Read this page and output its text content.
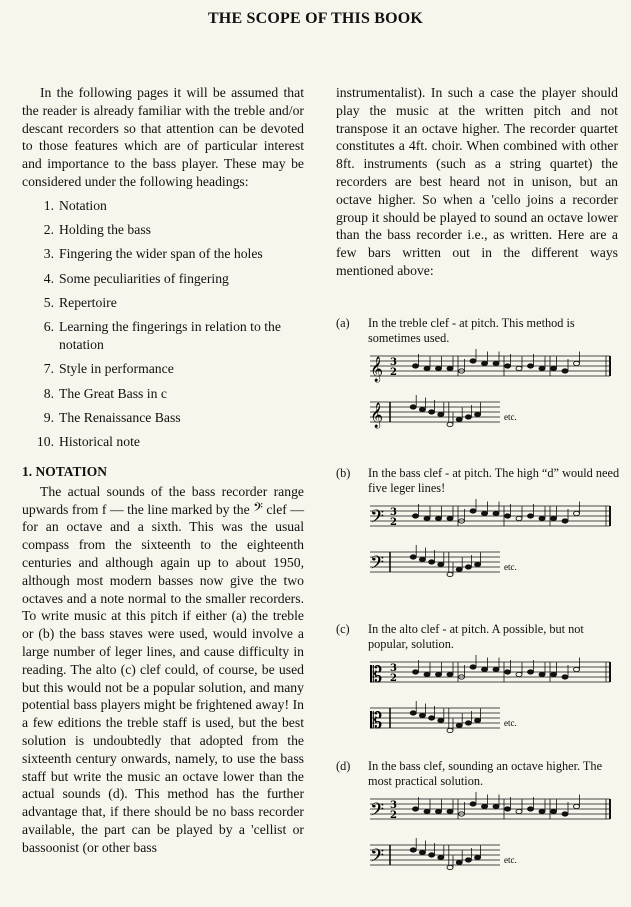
THE SCOPE OF THIS BOOK

In the following pages it will be assumed that the reader is already familiar with the treble and/or descant recorders so that attention can be devoted to those features which are of particular interest and importance to the bass player. These may be considered under the following headings:

1. Notation
2. Holding the bass
3. Fingering the wider span of the holes
4. Some peculiarities of fingering
5. Repertoire
6. Learning the fingerings in relation to the notation
7. Style in performance
8. The Great Bass in c
9. The Renaissance Bass
10. Historical note
1. NOTATION

The actual sounds of the bass recorder range upwards from f — the line marked by the 𝄢 clef — for an octave and a sixth. This was the usual compass from the sixteenth to the eighteenth centuries and although again up to about 1950, although most modern basses now give the two octaves and a note normal to the smaller recorders. To write music at this pitch if either (a) the treble or (b) the bass staves were used, would involve a large number of leger lines, and cause difficulty in reading. The alto (c) clef could, of course, be used but this would not be a popular solution, and many potential bass players might be frightened away! In a few editions the treble staff is used, but the best solution is undoubtedly that adopted from the sixteenth century onwards, namely, to use the bass staff but write the music an octave lower than the actual sounds (d). This method has the further advantage that, if there should be no bass recorder available, the part can be played by a 'cellist or bassoonist (or other bass

instrumentalist). In such a case the player should play the music at the written pitch and not transpose it an octave higher. The recorder quartet constitutes a 4ft. choir. When combined with other 8ft. instruments (such as a string quartet) the recorders are best heard not in unison, but an octave higher. So when a 'cello joins a recorder group it should be played to sound an octave lower than the bass recorder i.e., as written. Here are a few bars written out in the different ways mentioned above:

(a)	In the treble clef - at pitch. This method is sometimes used.
𝄞 3
2
𝄞	etc.
(b)	In the bass clef - at pitch. The high “d” would need five leger lines!
𝄢 3
2
𝄢	etc.
(c)	In the alto clef - at pitch. A possible, but not popular, solution.
𝄡 3
2
𝄡	etc.
(d)	In the bass clef, sounding an octave higher. The most practical solution.
𝄢 3
2
𝄢	etc.
